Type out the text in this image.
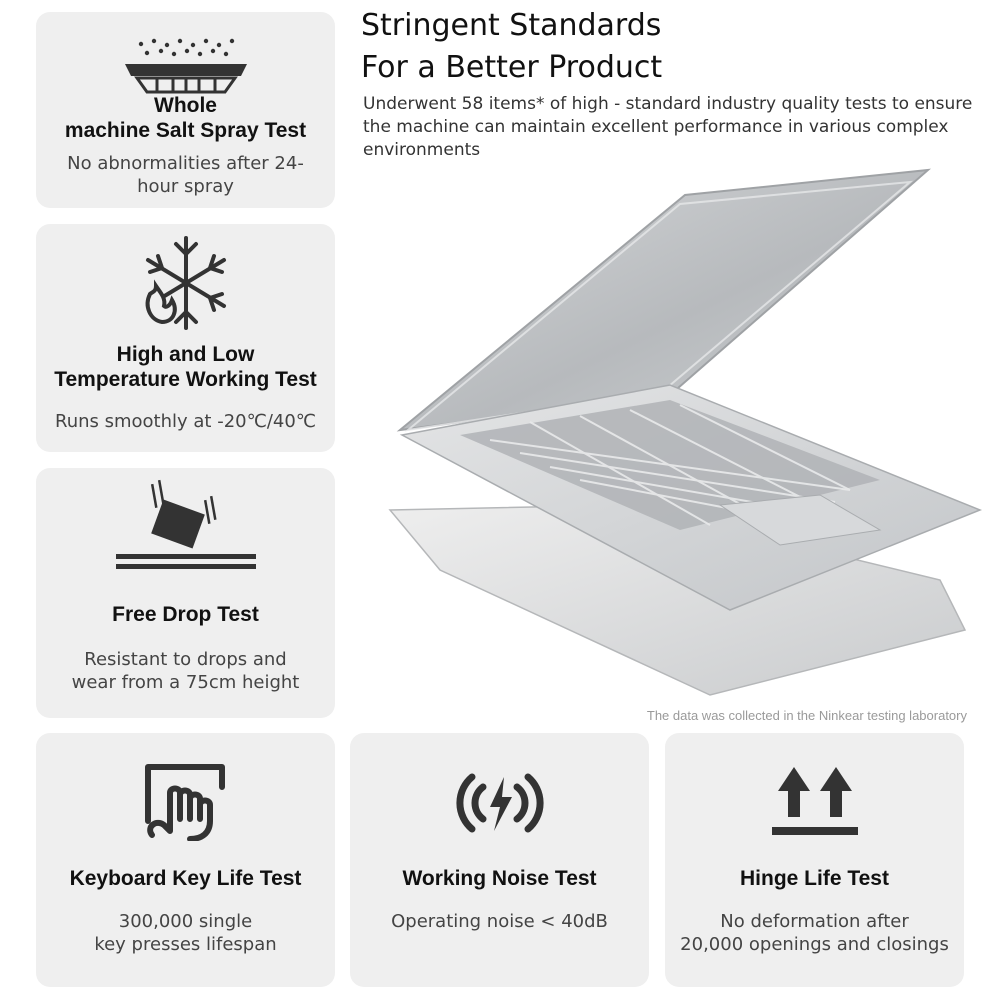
Whole
machine Salt Spray Test
No abnormalities after 24-
hour spray
High and Low
Temperature Working Test
Runs smoothly at -20℃/40℃
Free Drop Test
Resistant to drops and
wear from a 75cm height
Keyboard Key Life Test
300,000 single
key presses lifespan
Working Noise Test
Operating noise < 40dB
Hinge Life Test
No deformation after
20,000 openings and closings
Stringent Standards
For a Better Product
Underwent 58 items* of high - standard industry quality tests to ensure the machine can maintain excellent performance in various complex environments
The data was collected in the Ninkear testing laboratory
